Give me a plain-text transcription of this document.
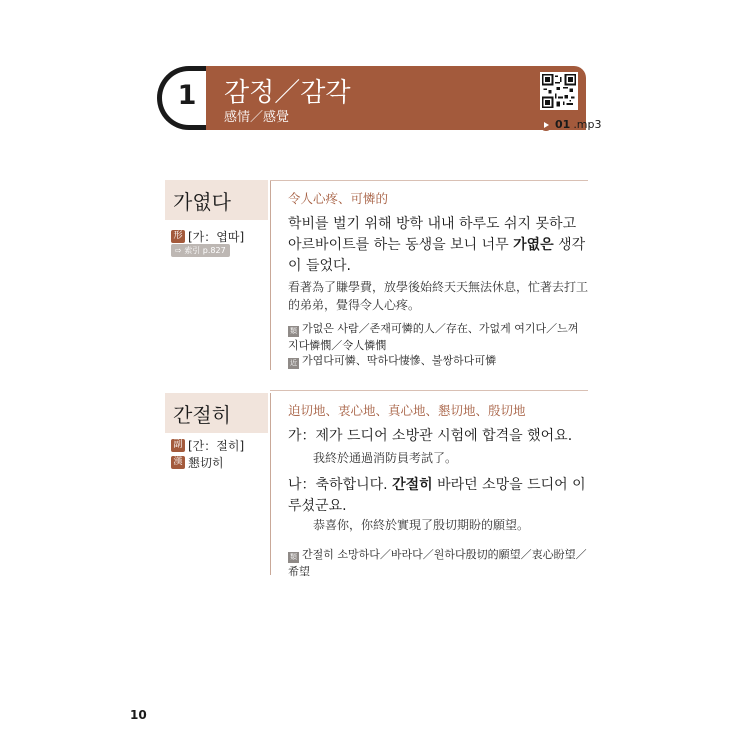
1 감정／감각
感情／感覺	01 .mp3
가엾다
形 [가：엽따]
⇨ 索引 p.827
令人心疼、可憐的
학비를 벌기 위해 방학 내내 하루도 쉬지 못하고 아르바이트를 하는 동생을 보니 너무 가엾은 생각이 들었다.
看著為了賺學費，放學後始終天天無法休息，忙著去打工的弟弟，覺得令人心疼。
類 가없은 사람／존재可憐的人／存在、가없게 여기다／느껴지다憐憫／令人憐憫
近 가엽다可憐、딱하다悽慘、불쌍하다可憐
간절히
副 [간：절히]
漢 懇切히
迫切地、衷心地、真心地、懇切地、殷切地
가：제가 드디어 소방관 시험에 합격을 했어요.
我終於通過消防員考試了。
나：축하합니다. 간절히 바라던 소망을 드디어 이루셨군요.
恭喜你，你終於實現了殷切期盼的願望。
類 간절히 소망하다／바라다／원하다殷切的願望／衷心盼望／希望
10
